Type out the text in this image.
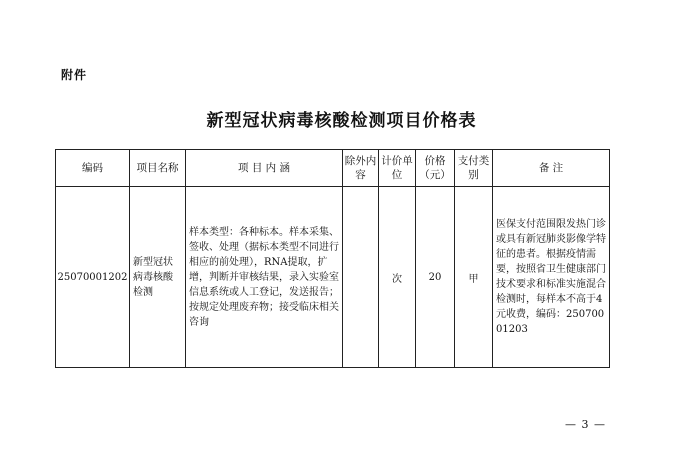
附件
新型冠状病毒核酸检测项目价格表
编码	项目名称	项 目 内 涵	除外内容	计价单位	价格（元）	支付类别	备 注
25070001202	新型冠状病毒核酸检测	样本类型：各种标本。样本采集、签收、处理（据标本类型不同进行相应的前处理），RNA提取，扩增，判断并审核结果，录入实验室信息系统或人工登记，发送报告；按规定处理废弃物；接受临床相关咨询		次	20	甲	医保支付范围限发热门诊或具有新冠肺炎影像学特征的患者。根据疫情需要，按照省卫生健康部门技术要求和标准实施混合检测时，每样本不高于4元收费，编码：25070001203
— 3 —
